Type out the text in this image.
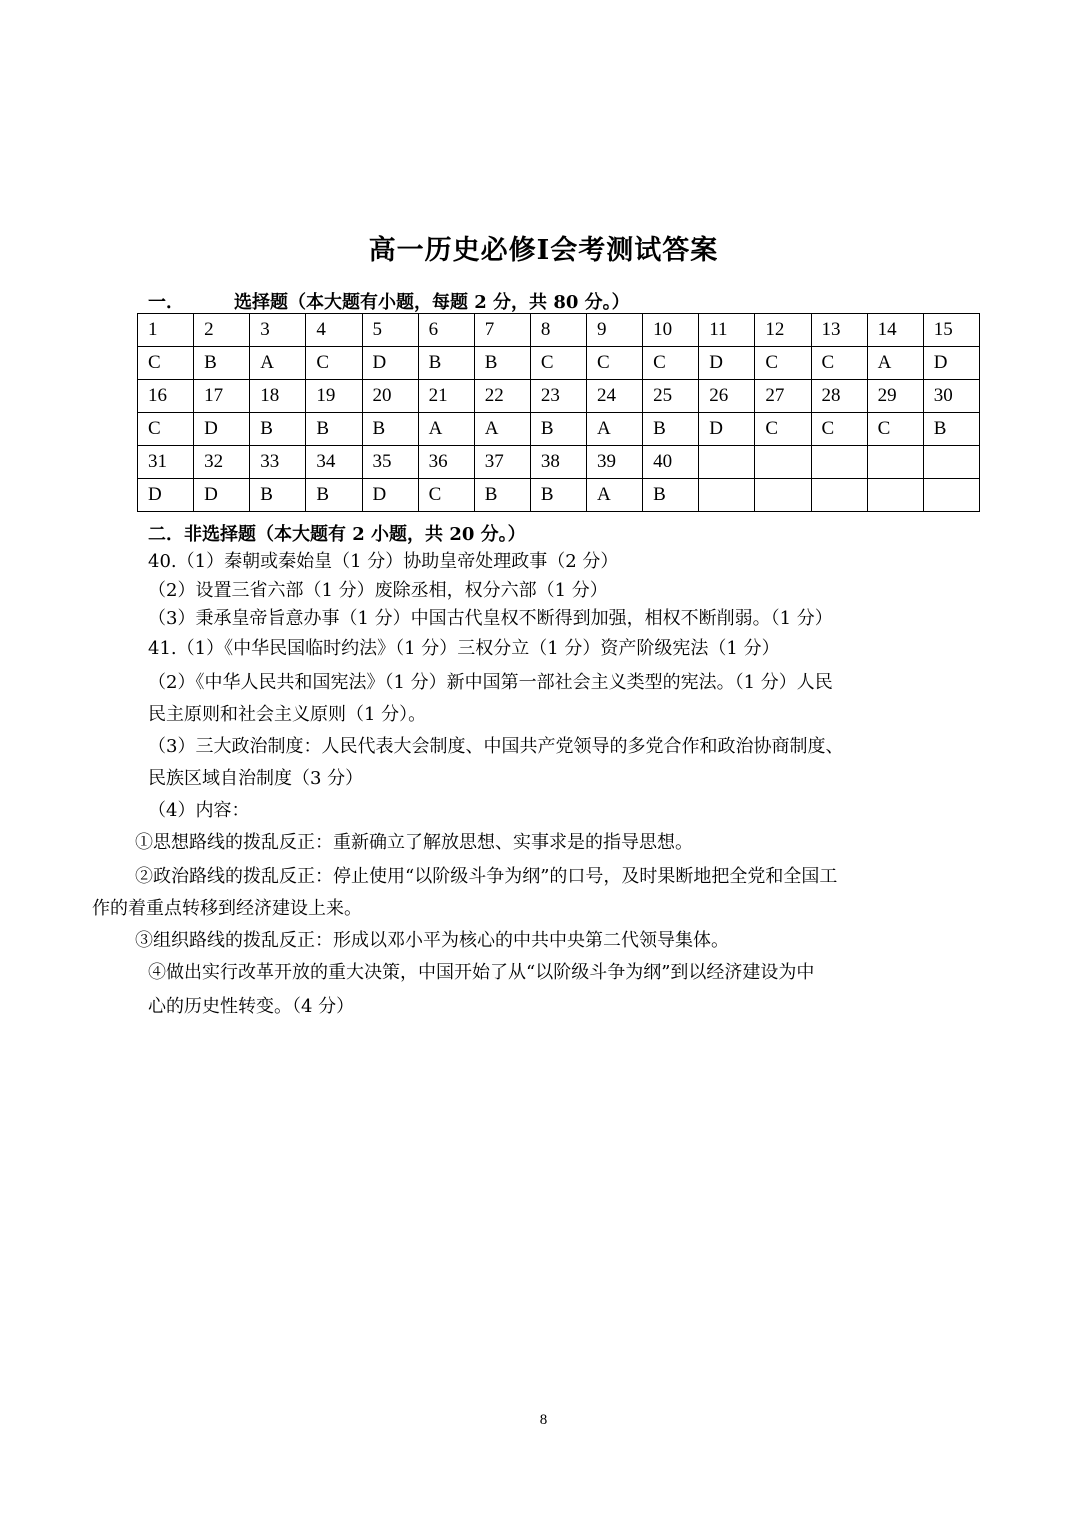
高一历史必修Ⅰ会考测试答案
一．	选择题（本大题有小题，每题 2 分，共 80 分。）
1	2	3	4	5	6	7	8	9	10	11	12	13	14	15
C	B	A	C	D	B	B	C	C	C	D	C	C	A	D
16	17	18	19	20	21	22	23	24	25	26	27	28	29	30
C	D	B	B	B	A	A	B	A	B	D	C	C	C	B
31	32	33	34	35	36	37	38	39	40					
D	D	B	B	D	C	B	B	A	B					
二．非选择题（本大题有 2 小题，共 20 分。）
40.（1）秦朝或秦始皇（1 分）协助皇帝处理政事（2 分）
（2）设置三省六部（1 分）废除丞相，权分六部（1 分）
（3）秉承皇帝旨意办事（1 分）中国古代皇权不断得到加强，相权不断削弱。（1 分）
41.（1）《中华民国临时约法》（1 分）三权分立（1 分）资产阶级宪法（1 分）
（2）《中华人民共和国宪法》（1 分）新中国第一部社会主义类型的宪法。（1 分）人民
民主原则和社会主义原则（1 分）。
（3）三大政治制度：人民代表大会制度、中国共产党领导的多党合作和政治协商制度、
民族区域自治制度（3 分）
（4）内容：
①思想路线的拨乱反正：重新确立了解放思想、实事求是的指导思想。
②政治路线的拨乱反正：停止使用“以阶级斗争为纲”的口号，及时果断地把全党和全国工
作的着重点转移到经济建设上来。
③组织路线的拨乱反正：形成以邓小平为核心的中共中央第二代领导集体。
④做出实行改革开放的重大决策，中国开始了从“以阶级斗争为纲”到以经济建设为中
心的历史性转变。（4 分）
8
